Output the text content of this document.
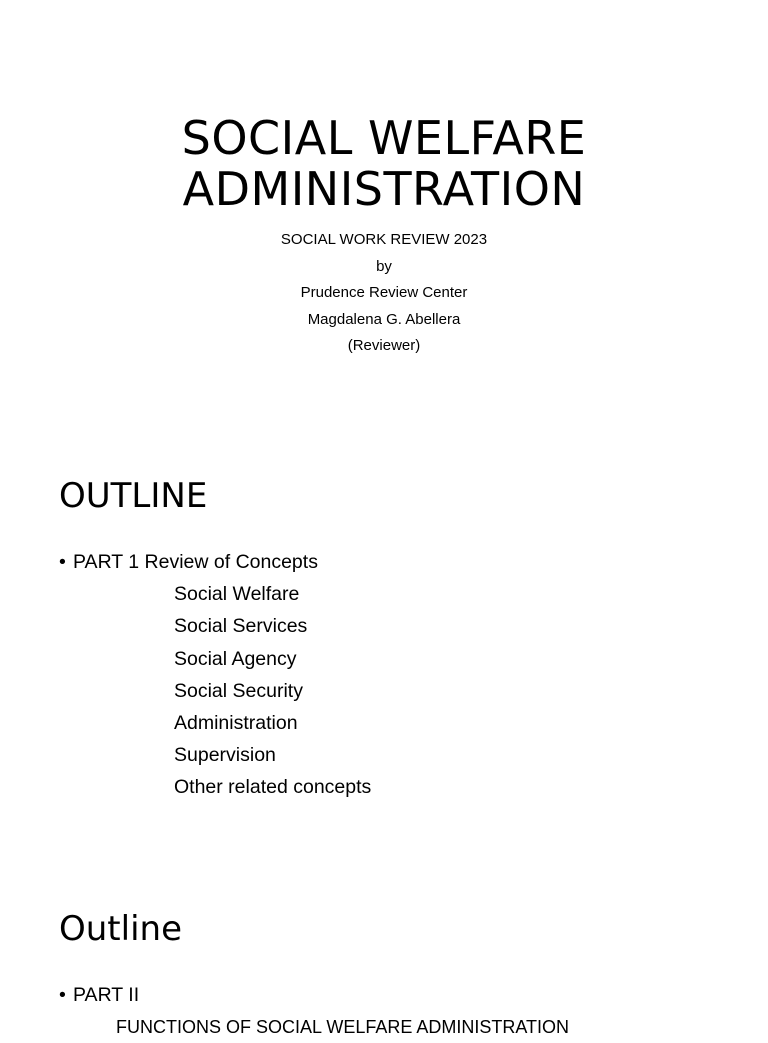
SOCIAL WELFARE
ADMINISTRATION
SOCIAL WORK REVIEW 2023
by
Prudence Review Center
Magdalena G. Abellera
(Reviewer)
OUTLINE
• PART 1 Review of Concepts
Social Welfare
Social Services
Social Agency
Social Security
Administration
Supervision
Other related concepts
Outline
• PART II
FUNCTIONS OF SOCIAL WELFARE ADMINISTRATION
